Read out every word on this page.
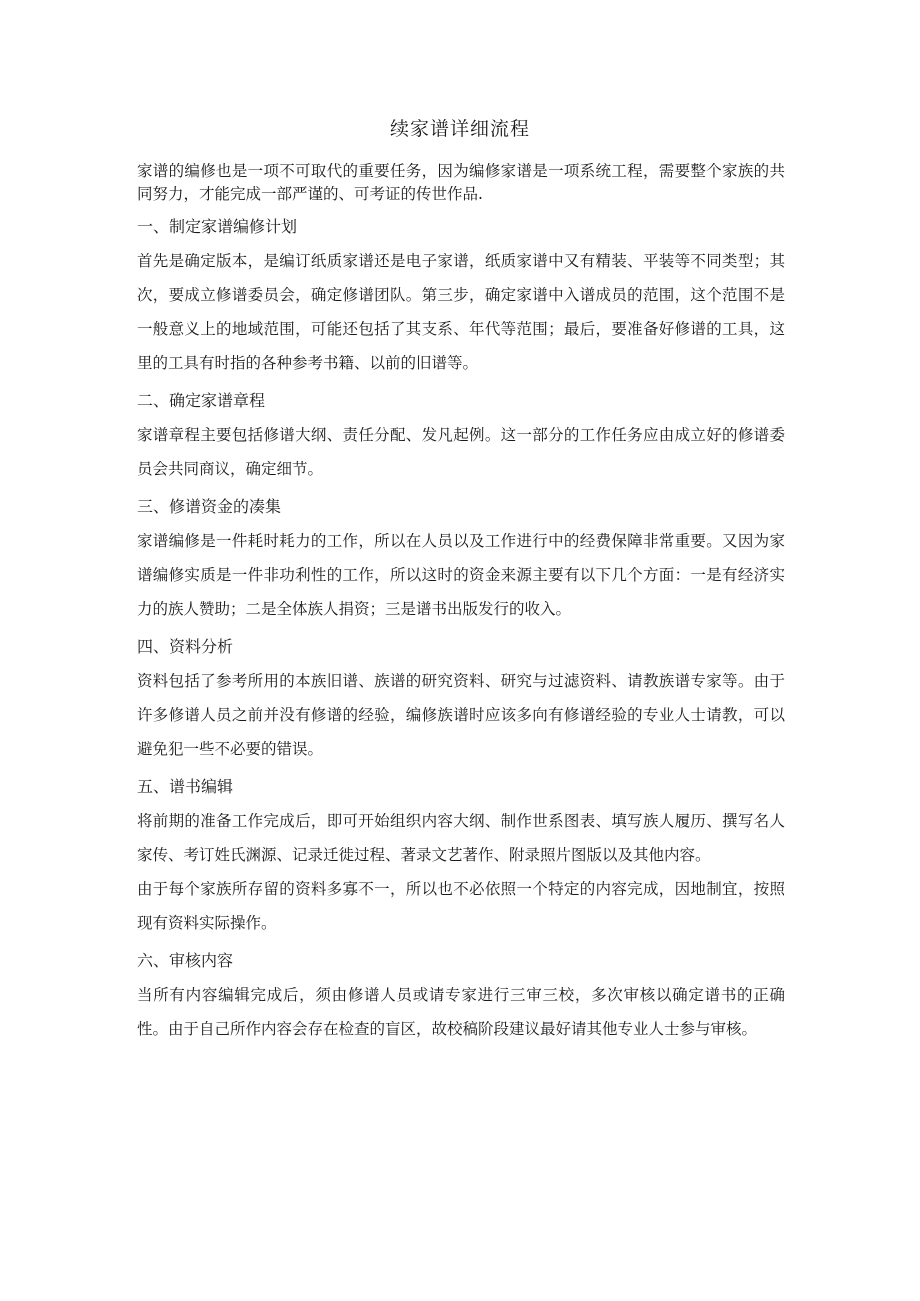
续家谱详细流程

家谱的编修也是一项不可取代的重要任务，因为编修家谱是一项系统工程，需要整个家族的共同努力，才能完成一部严谨的、可考证的传世作品.

一、制定家谱编修计划

首先是确定版本，是编订纸质家谱还是电子家谱，纸质家谱中又有精装、平装等不同类型；其次，要成立修谱委员会，确定修谱团队。第三步，确定家谱中入谱成员的范围，这个范围不是一般意义上的地域范围，可能还包括了其支系、年代等范围；最后，要准备好修谱的工具，这里的工具有时指的各种参考书籍、以前的旧谱等。

二、确定家谱章程

家谱章程主要包括修谱大纲、责任分配、发凡起例。这一部分的工作任务应由成立好的修谱委员会共同商议，确定细节。

三、修谱资金的凑集

家谱编修是一件耗时耗力的工作，所以在人员以及工作进行中的经费保障非常重要。又因为家谱编修实质是一件非功利性的工作，所以这时的资金来源主要有以下几个方面：一是有经济实力的族人赞助；二是全体族人捐资；三是谱书出版发行的收入。

四、资料分析

资料包括了参考所用的本族旧谱、族谱的研究资料、研究与过滤资料、请教族谱专家等。由于许多修谱人员之前并没有修谱的经验，编修族谱时应该多向有修谱经验的专业人士请教，可以避免犯一些不必要的错误。

五、谱书编辑

将前期的准备工作完成后，即可开始组织内容大纲、制作世系图表、填写族人履历、撰写名人家传、考订姓氏渊源、记录迁徙过程、著录文艺著作、附录照片图版以及其他内容。

由于每个家族所存留的资料多寡不一，所以也不必依照一个特定的内容完成，因地制宜，按照现有资料实际操作。

六、审核内容

当所有内容编辑完成后，须由修谱人员或请专家进行三审三校，多次审核以确定谱书的正确性。由于自己所作内容会存在检查的盲区，故校稿阶段建议最好请其他专业人士参与审核。
